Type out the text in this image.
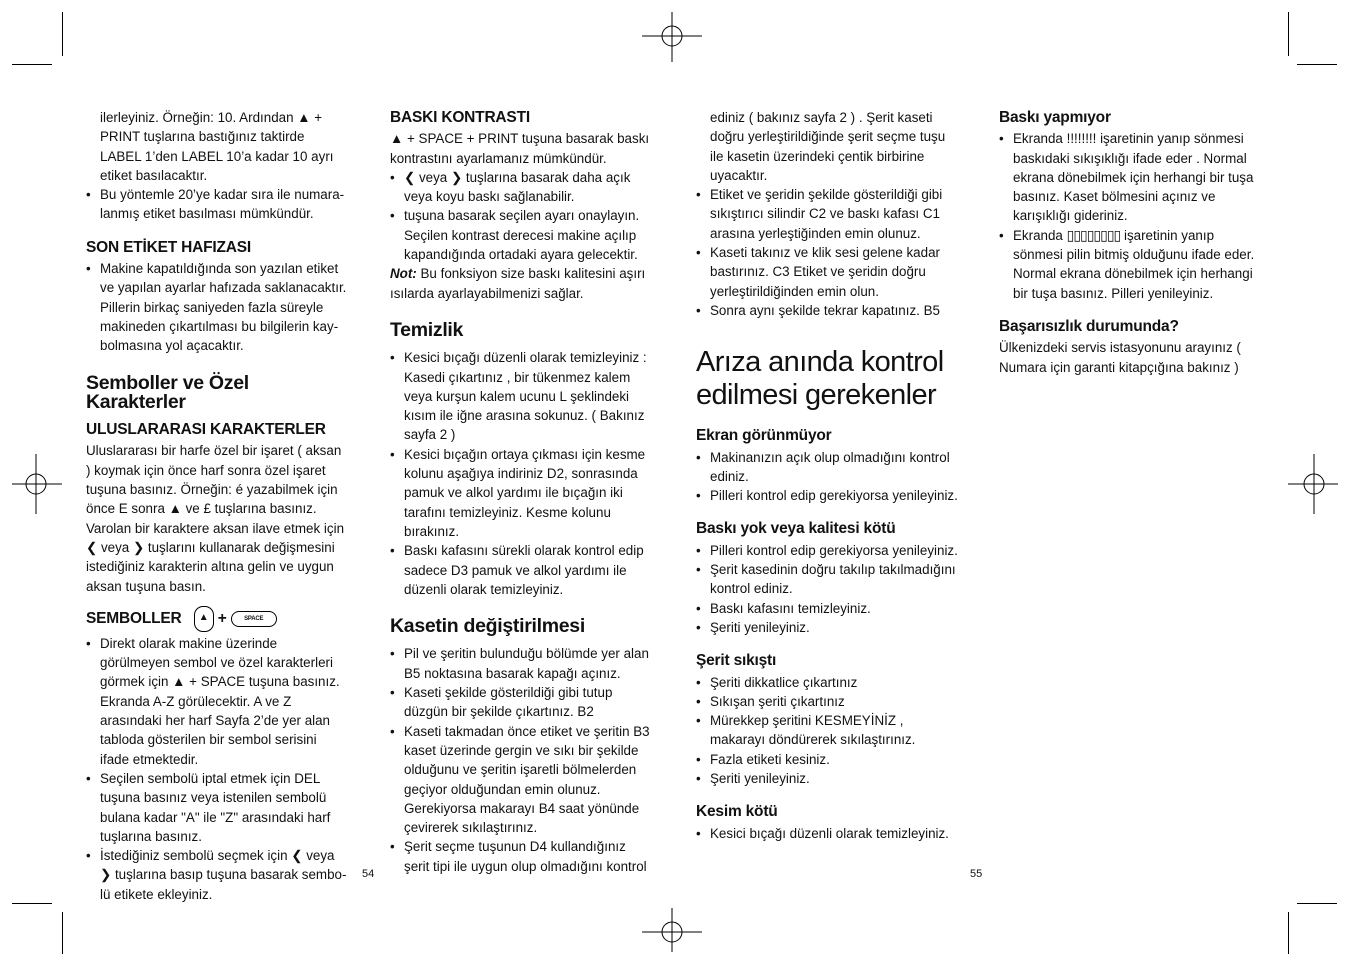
ilerleyiniz. Örneğin: 10. Ardından ▲ + PRINT tuşlarına bastığınız taktirde LABEL 1’den LABEL 10’a kadar 10 ayrı etiket basılacaktır.

• Bu yöntemle 20’ye kadar sıra ile numara- lanmış etiket basılması mümkündür.
SON ETİKET HAFIZASI
• Makine kapatıldığında son yazılan etiket ve yapılan ayarlar hafızada saklanacaktır. Pillerin birkaç saniyeden fazla süreyle makineden çıkartılması bu bilgilerin kay- bolmasına yol açacaktır.
Semboller ve Özel Karakterler
ULUSLARARASI KARAKTERLER

Uluslararası bir harfe özel bir işaret ( aksan ) koymak için önce harf sonra özel işaret tuşuna basınız. Örneğin: é yazabilmek için önce E sonra ▲ ve £ tuşlarına basınız. Varolan bir karaktere aksan ilave etmek için ❮ veya ❯ tuşlarını kullanarak değişmesini istediğiniz karakterin altına gelin ve uygun aksan tuşuna basın.

SEMBOLLER ▲ +	SPACE
• Direkt olarak makine üzerinde görülmeyen sembol ve özel karakterleri görmek için ▲ + SPACE tuşuna basınız. Ekranda A-Z görülecektir. A ve Z arasındaki her harf Sayfa 2’de yer alan tabloda gösterilen bir sembol serisini ifade etmektedir.
• Seçilen sembolü iptal etmek için DEL tuşuna basınız veya istenilen sembolü bulana kadar "A" ile "Z" arasındaki harf tuşlarına basınız.
• İstediğiniz sembolü seçmek için ❮ veya ❯ tuşlarına basıp tuşuna basarak sembo- lü etikete ekleyiniz.
BASKI KONTRASTI

▲ + SPACE + PRINT tuşuna basarak baskı kontrastını ayarlamanız mümkündür.

• ❮ veya ❯ tuşlarına basarak daha açık veya koyu baskı sağlanabilir.
• tuşuna basarak seçilen ayarı onaylayın. Seçilen kontrast derecesi makine açılıp kapandığında ortadaki ayara gelecektir.

Not: Bu fonksiyon size baskı kalitesini aşırı ısılarda ayarlayabilmenizi sağlar.

Temizlik
• Kesici bıçağı düzenli olarak temizleyiniz : Kasedi çıkartınız , bir tükenmez kalem veya kurşun kalem ucunu L şeklindeki kısım ile iğne arasına sokunuz. ( Bakınız sayfa 2 )
• Kesici bıçağın ortaya çıkması için kesme kolunu aşağıya indiriniz D2, sonrasında pamuk ve alkol yardımı ile bıçağın iki tarafını temizleyiniz. Kesme kolunu bırakınız.
• Baskı kafasını sürekli olarak kontrol edip sadece D3 pamuk ve alkol yardımı ile düzenli olarak temizleyiniz.
Kasetin değiştirilmesi
• Pil ve şeritin bulunduğu bölümde yer alan B5 noktasına basarak kapağı açınız.
• Kaseti şekilde gösterildiği gibi tutup düzgün bir şekilde çıkartınız. B2
• Kaseti takmadan önce etiket ve şeritin B3 kaset üzerinde gergin ve sıkı bir şekilde olduğunu ve şeritin işaretli bölmelerden geçiyor olduğundan emin olunuz. Gerekiyorsa makarayı B4 saat yönünde çevirerek sıkılaştırınız.
• Şerit seçme tuşunun D4 kullandığınız şerit tipi ile uygun olup olmadığını kontrol
54

ediniz ( bakınız sayfa 2 ) . Şerit kaseti doğru yerleştirildiğinde şerit seçme tuşu ile kasetin üzerindeki çentik birbirine uyacaktır.

• Etiket ve şeridin şekilde gösterildiği gibi sıkıştırıcı silindir C2 ve baskı kafası C1 arasına yerleştiğinden emin olunuz.
• Kaseti takınız ve klik sesi gelene kadar bastırınız. C3 Etiket ve şeridin doğru yerleştirildiğinden emin olun.
• Sonra aynı şekilde tekrar kapatınız. B5
Arıza anında kontrol
edilmesi gerekenler
Ekran görünmüyor
• Makinanızın açık olup olmadığını kontrol ediniz.
• Pilleri kontrol edip gerekiyorsa yenileyiniz.
Baskı yok veya kalitesi kötü
• Pilleri kontrol edip gerekiyorsa yenileyiniz.
• Şerit kasedinin doğru takılıp takılmadığını kontrol ediniz.
• Baskı kafasını temizleyiniz.
• Şeriti yenileyiniz.
Şerit sıkıştı
• Şeriti dikkatlice çıkartınız
• Sıkışan şeriti çıkartınız
• Mürekkep şeritini KESMEYİNİZ , makarayı döndürerek sıkılaştırınız.
• Fazla etiketi kesiniz.
• Şeriti yenileyiniz.
Kesim kötü
• Kesici bıçağı düzenli olarak temizleyiniz.
Baskı yapmıyor
• Ekranda !!!!!!!! işaretinin yanıp sönmesi baskıdaki sıkışıklığı ifade eder . Normal ekrana dönebilmek için herhangi bir tuşa basınız. Kaset bölmesini açınız ve karışıklığı gideriniz.
• Ekranda ▯▯▯▯▯▯▯▯ işaretinin yanıp sönmesi pilin bitmiş olduğunu ifade eder. Normal ekrana dönebilmek için herhangi bir tuşa basınız. Pilleri yenileyiniz.
Başarısızlık durumunda?

Ülkenizdeki servis istasyonunu arayınız ( Numara için garanti kitapçığına bakınız )

55
